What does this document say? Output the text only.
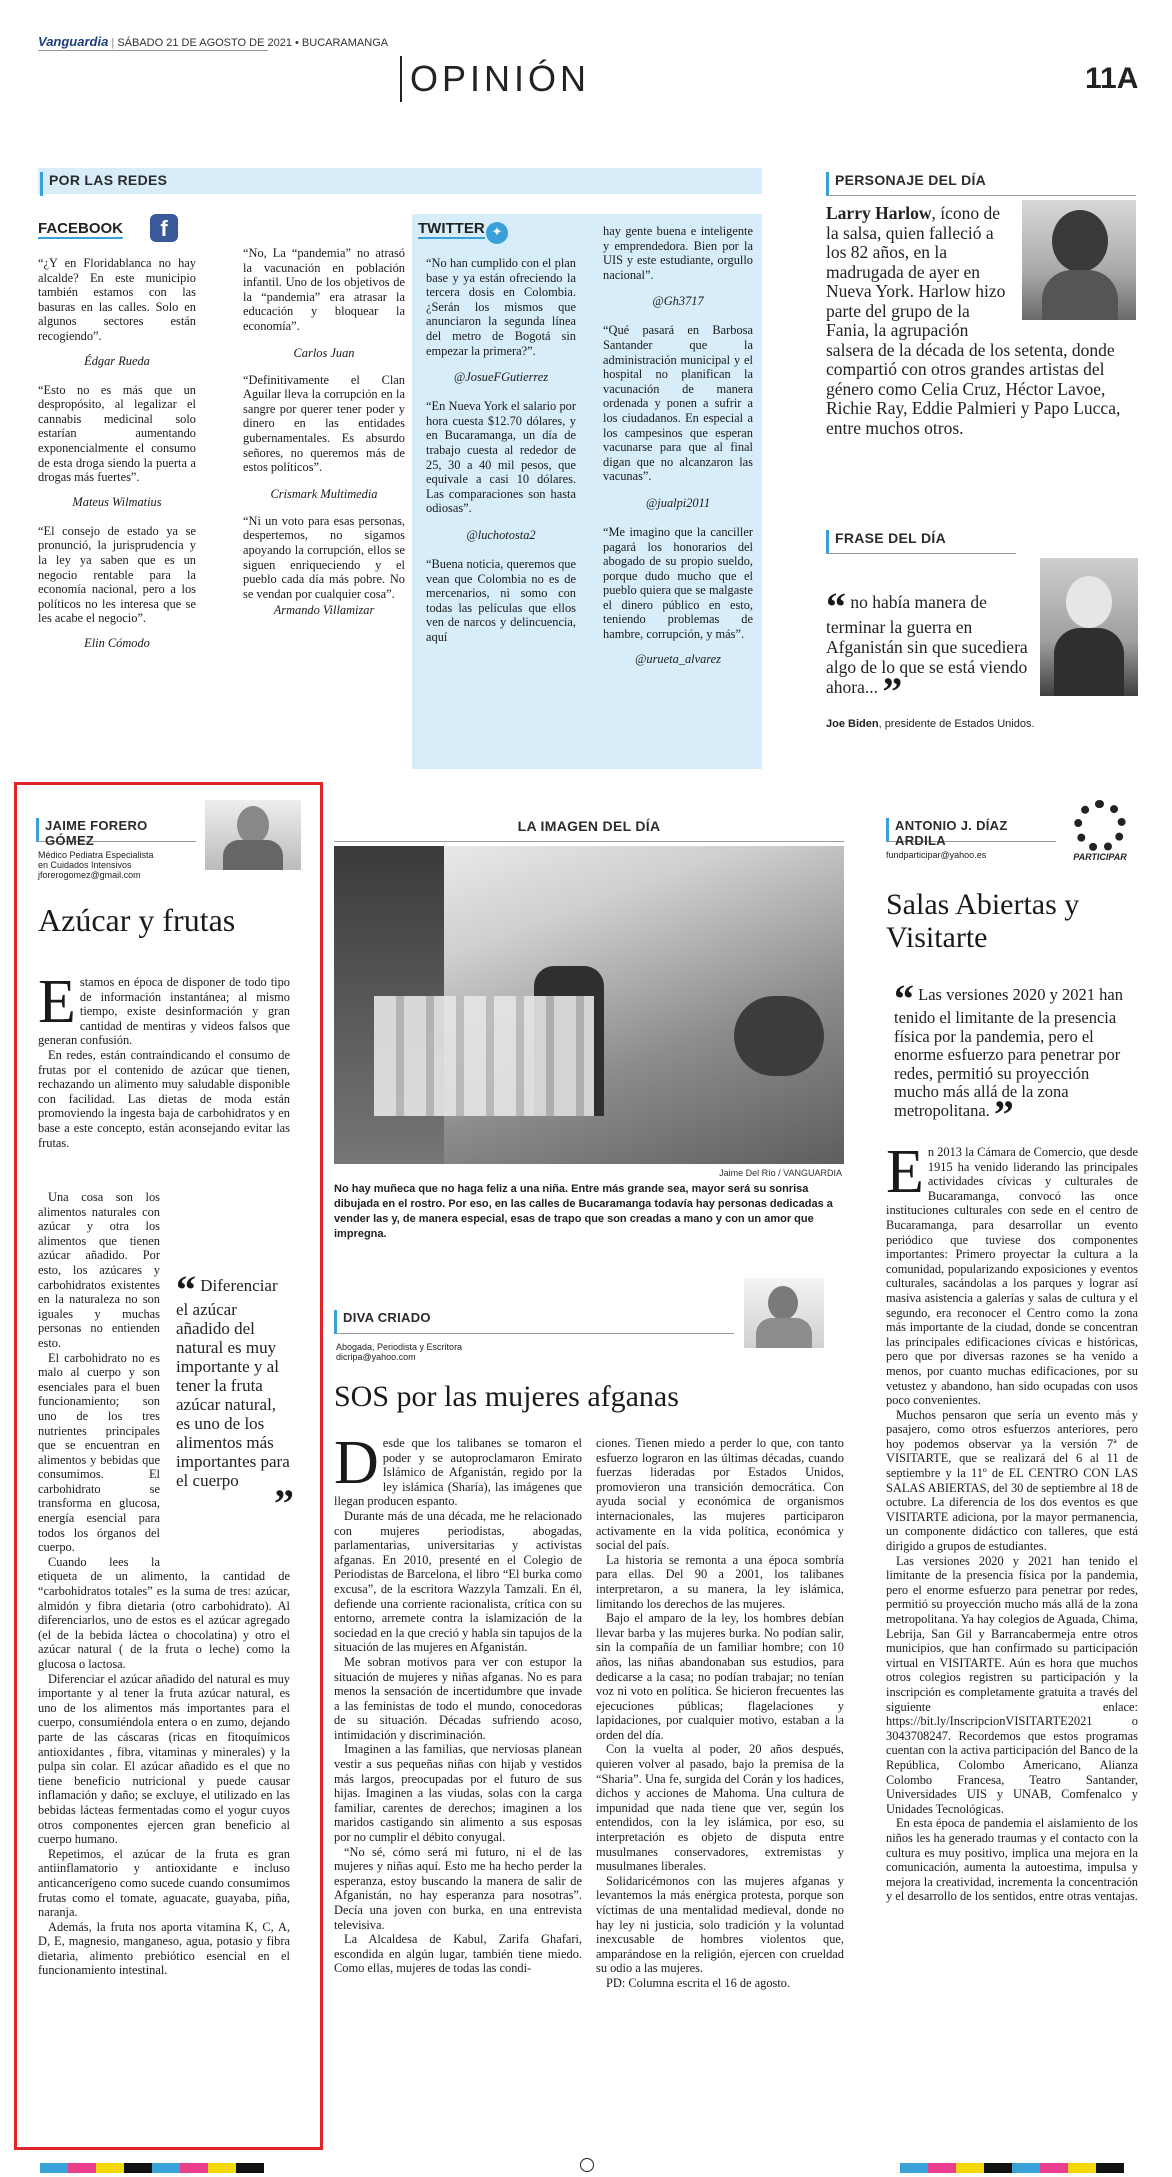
Vanguardia | SÁBADO 21 DE AGOSTO DE 2021 • BUCARAMANGA
OPINIÓN	11A
POR LAS REDES
FACEBOOK	f

“¿Y en Floridablanca no hay alcalde? En este municipio también estamos con las basuras en las calles. Solo en algunos sectores están recogiendo”.

Édgar Rueda

“Esto no es más que un despropósito, al legalizar el cannabis medicinal solo estarían aumentando exponencialmente el consumo de esta droga siendo la puerta a drogas más fuertes”.

Mateus Wilmatius

“El consejo de estado ya se pronunció, la jurisprudencia y la ley ya saben que es un negocio rentable para la economía nacional, pero a los políticos no les interesa que se les acabe el negocio”.

Elin Cómodo

“No, La “pandemia” no atrasó la vacunación en población infantil. Uno de los objetivos de la “pandemia” era atrasar la educación y bloquear la economía”.

Carlos Juan

“Definitivamente el Clan Aguilar lleva la corrupción en la sangre por querer tener poder y dinero en las entidades gubernamentales. Es absurdo señores, no queremos más de estos políticos”.

Crismark Multimedia

“Ni un voto para esas personas, despertemos, no sigamos apoyando la corrupción, ellos se siguen enriqueciendo y el pueblo cada día más pobre. No se vendan por cualquier cosa”.

Armando Villamizar

TWITTER ✦

“No han cumplido con el plan base y ya están ofreciendo la tercera dosis en Colombia. ¿Serán los mismos que anunciaron la segunda línea del metro de Bogotá sin empezar la primera?”.

@JosueFGutierrez

“En Nueva York el salario por hora cuesta $12.70 dólares, y en Bucaramanga, un día de trabajo cuesta al rededor de 25, 30 a 40 mil pesos, que equivale a casi 10 dólares. Las comparaciones son hasta odiosas”.

@luchotosta2

“Buena noticia, queremos que vean que Colombia no es de mercenarios, ni somo con todas las películas que ellos ven de narcos y delincuencia, aquí

hay gente buena e inteligente y emprendedora. Bien por la UIS y este estudiante, orgullo nacional”.

@Gh3717

“Qué pasará en Barbosa Santander que la administración municipal y el hospital no planifican la vacunación de manera ordenada y ponen a sufrir a los ciudadanos. En especial a los campesinos que esperan vacunarse para que al final digan que no alcanzaron las vacunas”.

@jualpi2011

“Me imagino que la canciller pagará los honorarios del abogado de su propio sueldo, porque dudo mucho que el pueblo quiera que se malgaste el dinero público en esto, teniendo problemas de hambre, corrupción, y más”.

@urueta_alvarez

PERSONAJE DEL DÍA
Larry Harlow, ícono de la salsa, quien falleció a los 82 años, en la madrugada de ayer en Nueva York. Harlow hizo parte del grupo de la Fania, la agrupación salsera de la década de los setenta, donde compartió con otros grandes artistas del género como Celia Cruz, Héctor Lavoe, Richie Ray, Eddie Palmieri y Papo Lucca, entre muchos otros.
FRASE DEL DÍA
“ no había manera de terminar la guerra en Afganistán sin que sucediera algo de lo que se está viendo ahora... ”
Joe Biden, presidente de Estados Unidos.
JAIME FORERO GÓMEZ
Médico Pediatra Especialista
en Cuidados Intensivos
jforerogomez@gmail.com
Azúcar y frutas

Estamos en época de disponer de todo tipo de información instantánea; al mismo tiempo, existe desinformación y gran cantidad de mentiras y videos falsos que generan confusión.

En redes, están contraindicando el consumo de frutas por el contenido de azúcar que tienen, rechazando un alimento muy saludable disponible con facilidad. Las dietas de moda están promoviendo la ingesta baja de carbohidratos y en base a este concepto, están aconsejando evitar las frutas.

Una cosa son los alimentos naturales con azúcar y otra los alimentos que tienen azúcar añadido. Por esto, los azúcares y carbohidratos existentes en la naturaleza no son iguales y muchas personas no entienden esto.

El carbohidrato no es malo al cuerpo y son esenciales para el buen funcionamiento; son uno de los tres nutrientes principales que se encuentran en alimentos y bebidas que consumimos. El carbohidrato se transforma en glucosa, energía esencial para todos los órganos del cuerpo.

Cuando lees la etiqueta de un alimento, la cantidad de “carbohidratos totales” es la suma de tres: azúcar, almidón y fibra dietaria (otro carbohidrato). Al diferenciarlos, uno de estos es el azúcar agregado (el de la bebida láctea o chocolatina) y otro el azúcar natural ( de la fruta o leche) como la glucosa o lactosa.

Diferenciar el azúcar añadido del natural es muy importante y al tener la fruta azúcar natural, es uno de los alimentos más importantes para el cuerpo, consumiéndola entera o en zumo, dejando parte de las cáscaras (ricas en fitoquímicos antioxidantes , fibra, vitaminas y minerales) y la pulpa sin colar. El azúcar añadido es el que no tiene beneficio nutricional y puede causar inflamación y daño; se excluye, el utilizado en las bebidas lácteas fermentadas como el yogur cuyos otros componentes ejercen gran beneficio al cuerpo humano.

Repetimos, el azúcar de la fruta es gran antiinflamatorio y antioxidante e incluso anticancerígeno como sucede cuando consumimos frutas como el tomate, aguacate, guayaba, piña, naranja.

Además, la fruta nos aporta vitamina K, C, A, D, E, magnesio, manganeso, agua, potasio y fibra dietaria, alimento prebiótico esencial en el funcionamiento intestinal.

“ Diferenciar el azúcar añadido del natural es muy importante y al tener la fruta azúcar natural, es uno de los alimentos más importantes para el cuerpo
”
LA IMAGEN DEL DÍA
Jaime Del Río / VANGUARDIA
No hay muñeca que no haga feliz a una niña. Entre más grande sea, mayor será su sonrisa dibujada en el rostro. Por eso, en las calles de Bucaramanga todavía hay personas dedicadas a vender las y, de manera especial, esas de trapo que son creadas a mano y con un amor que impregna.
DIVA CRIADO
Abogada, Periodista y Escritora
dicripa@yahoo.com
SOS por las mujeres afganas

Desde que los talibanes se tomaron el poder y se autoproclamaron Emirato Islámico de Afganistán, regido por la ley islámica (Sharía), las imágenes que llegan producen espanto.

Durante más de una década, me he relacionado con mujeres periodistas, abogadas, parlamentarias, universitarias y activistas afganas. En 2010, presenté en el Colegio de Periodistas de Barcelona, el libro “El burka como excusa”, de la escritora Wazzyla Tamzali. En él, defiende una corriente racionalista, crítica con su entorno, arremete contra la islamización de la sociedad en la que creció y habla sin tapujos de la situación de las mujeres en Afganistán.

Me sobran motivos para ver con estupor la situación de mujeres y niñas afganas. No es para menos la sensación de incertidumbre que invade a las feministas de todo el mundo, conocedoras de su situación. Décadas sufriendo acoso, intimidación y discriminación.

Imaginen a las familias, que nerviosas planean vestir a sus pequeñas niñas con hijab y vestidos más largos, preocupadas por el futuro de sus hijas. Imaginen a las viudas, solas con la carga familiar, carentes de derechos; imaginen a los maridos castigando sin alimento a sus esposas por no cumplir el débito conyugal.

“No sé, cómo será mi futuro, ni el de las mujeres y niñas aquí. Esto me ha hecho perder la esperanza, estoy buscando la manera de salir de Afganistán, no hay esperanza para nosotras”. Decía una joven con burka, en una entrevista televisiva.

La Alcaldesa de Kabul, Zarifa Ghafari, escondida en algún lugar, también tiene miedo. Como ellas, mujeres de todas las condi-

ciones. Tienen miedo a perder lo que, con tanto esfuerzo lograron en las últimas décadas, cuando fuerzas lideradas por Estados Unidos, promovieron una transición democrática. Con ayuda social y económica de organismos internacionales, las mujeres participaron activamente en la vida política, económica y social del país.

La historia se remonta a una época sombría para ellas. Del 90 a 2001, los talibanes interpretaron, a su manera, la ley islámica, limitando los derechos de las mujeres.

Bajo el amparo de la ley, los hombres debían llevar barba y las mujeres burka. No podían salir, sin la compañía de un familiar hombre; con 10 años, las niñas abandonaban sus estudios, para dedicarse a la casa; no podían trabajar; no tenían voz ni voto en política. Se hicieron frecuentes las ejecuciones públicas; flagelaciones y lapidaciones, por cualquier motivo, estaban a la orden del día.

Con la vuelta al poder, 20 años después, quieren volver al pasado, bajo la premisa de la “Sharia”. Una fe, surgida del Corán y los hadices, dichos y acciones de Mahoma. Una cultura de impunidad que nada tiene que ver, según los entendidos, con la ley islámica, por eso, su interpretación es objeto de disputa entre musulmanes conservadores, extremistas y musulmanes liberales.

Solidaricémonos con las mujeres afganas y levantemos la más enérgica protesta, porque son víctimas de una mentalidad medieval, donde no hay ley ni justicia, solo tradición y la voluntad inexcusable de hombres violentos que, amparándose en la religión, ejercen con crueldad su odio a las mujeres.

PD: Columna escrita el 16 de agosto.

ANTONIO J. DÍAZ ARDILA
PARTICIPAR
fundparticipar@yahoo.es
Salas Abiertas y Visitarte
“ Las versiones 2020 y 2021 han tenido el limitante de la presencia física por la pandemia, pero el enorme esfuerzo para penetrar por redes, permitió su proyección mucho más allá de la zona metropolitana. ”

En 2013 la Cámara de Comercio, que desde 1915 ha venido liderando las principales actividades cívicas y culturales de Bucaramanga, convocó las once instituciones culturales con sede en el centro de Bucaramanga, para desarrollar un evento periódico que tuviese dos componentes importantes: Primero proyectar la cultura a la comunidad, popularizando exposiciones y eventos culturales, sacándolas a los parques y lograr así masiva asistencia a galerías y salas de cultura y el segundo, era reconocer el Centro como la zona más importante de la ciudad, donde se concentran las principales edificaciones cívicas e históricas, pero que por diversas razones se ha venido a menos, por cuanto muchas edificaciones, por su vetustez y abandono, han sido ocupadas con usos poco convenientes.

Muchos pensaron que sería un evento más y pasajero, como otros esfuerzos anteriores, pero hoy podemos observar ya la versión 7ª de VISITARTE, que se realizará del 6 al 11 de septiembre y la 11º de EL CENTRO CON LAS SALAS ABIERTAS, del 30 de septiembre al 18 de octubre. La diferencia de los dos eventos es que VISITARTE adiciona, por la mayor permanencia, un componente didáctico con talleres, que está dirigido a grupos de estudiantes.

Las versiones 2020 y 2021 han tenido el limitante de la presencia física por la pandemia, pero el enorme esfuerzo para penetrar por redes, permitió su proyección mucho más allá de la zona metropolitana. Ya hay colegios de Aguada, Chima, Lebrija, San Gil y Barrancabermeja entre otros municipios, que han confirmado su participación virtual en VISITARTE. Aún es hora que muchos otros colegios registren su participación y la inscripción es completamente gratuita a través del siguiente enlace: https://bit.ly/InscripcionVISITARTE2021 o 3043708247. Recordemos que estos programas cuentan con la activa participación del Banco de la República, Colombo Americano, Alianza Colombo Francesa, Teatro Santander, Universidades UIS y UNAB, Comfenalco y Unidades Tecnológicas.

En esta época de pandemia el aislamiento de los niños les ha generado traumas y el contacto con la cultura es muy positivo, implica una mejora en la comunicación, aumenta la autoestima, impulsa y mejora la creatividad, incrementa la concentración y el desarrollo de los sentidos, entre otras ventajas.
